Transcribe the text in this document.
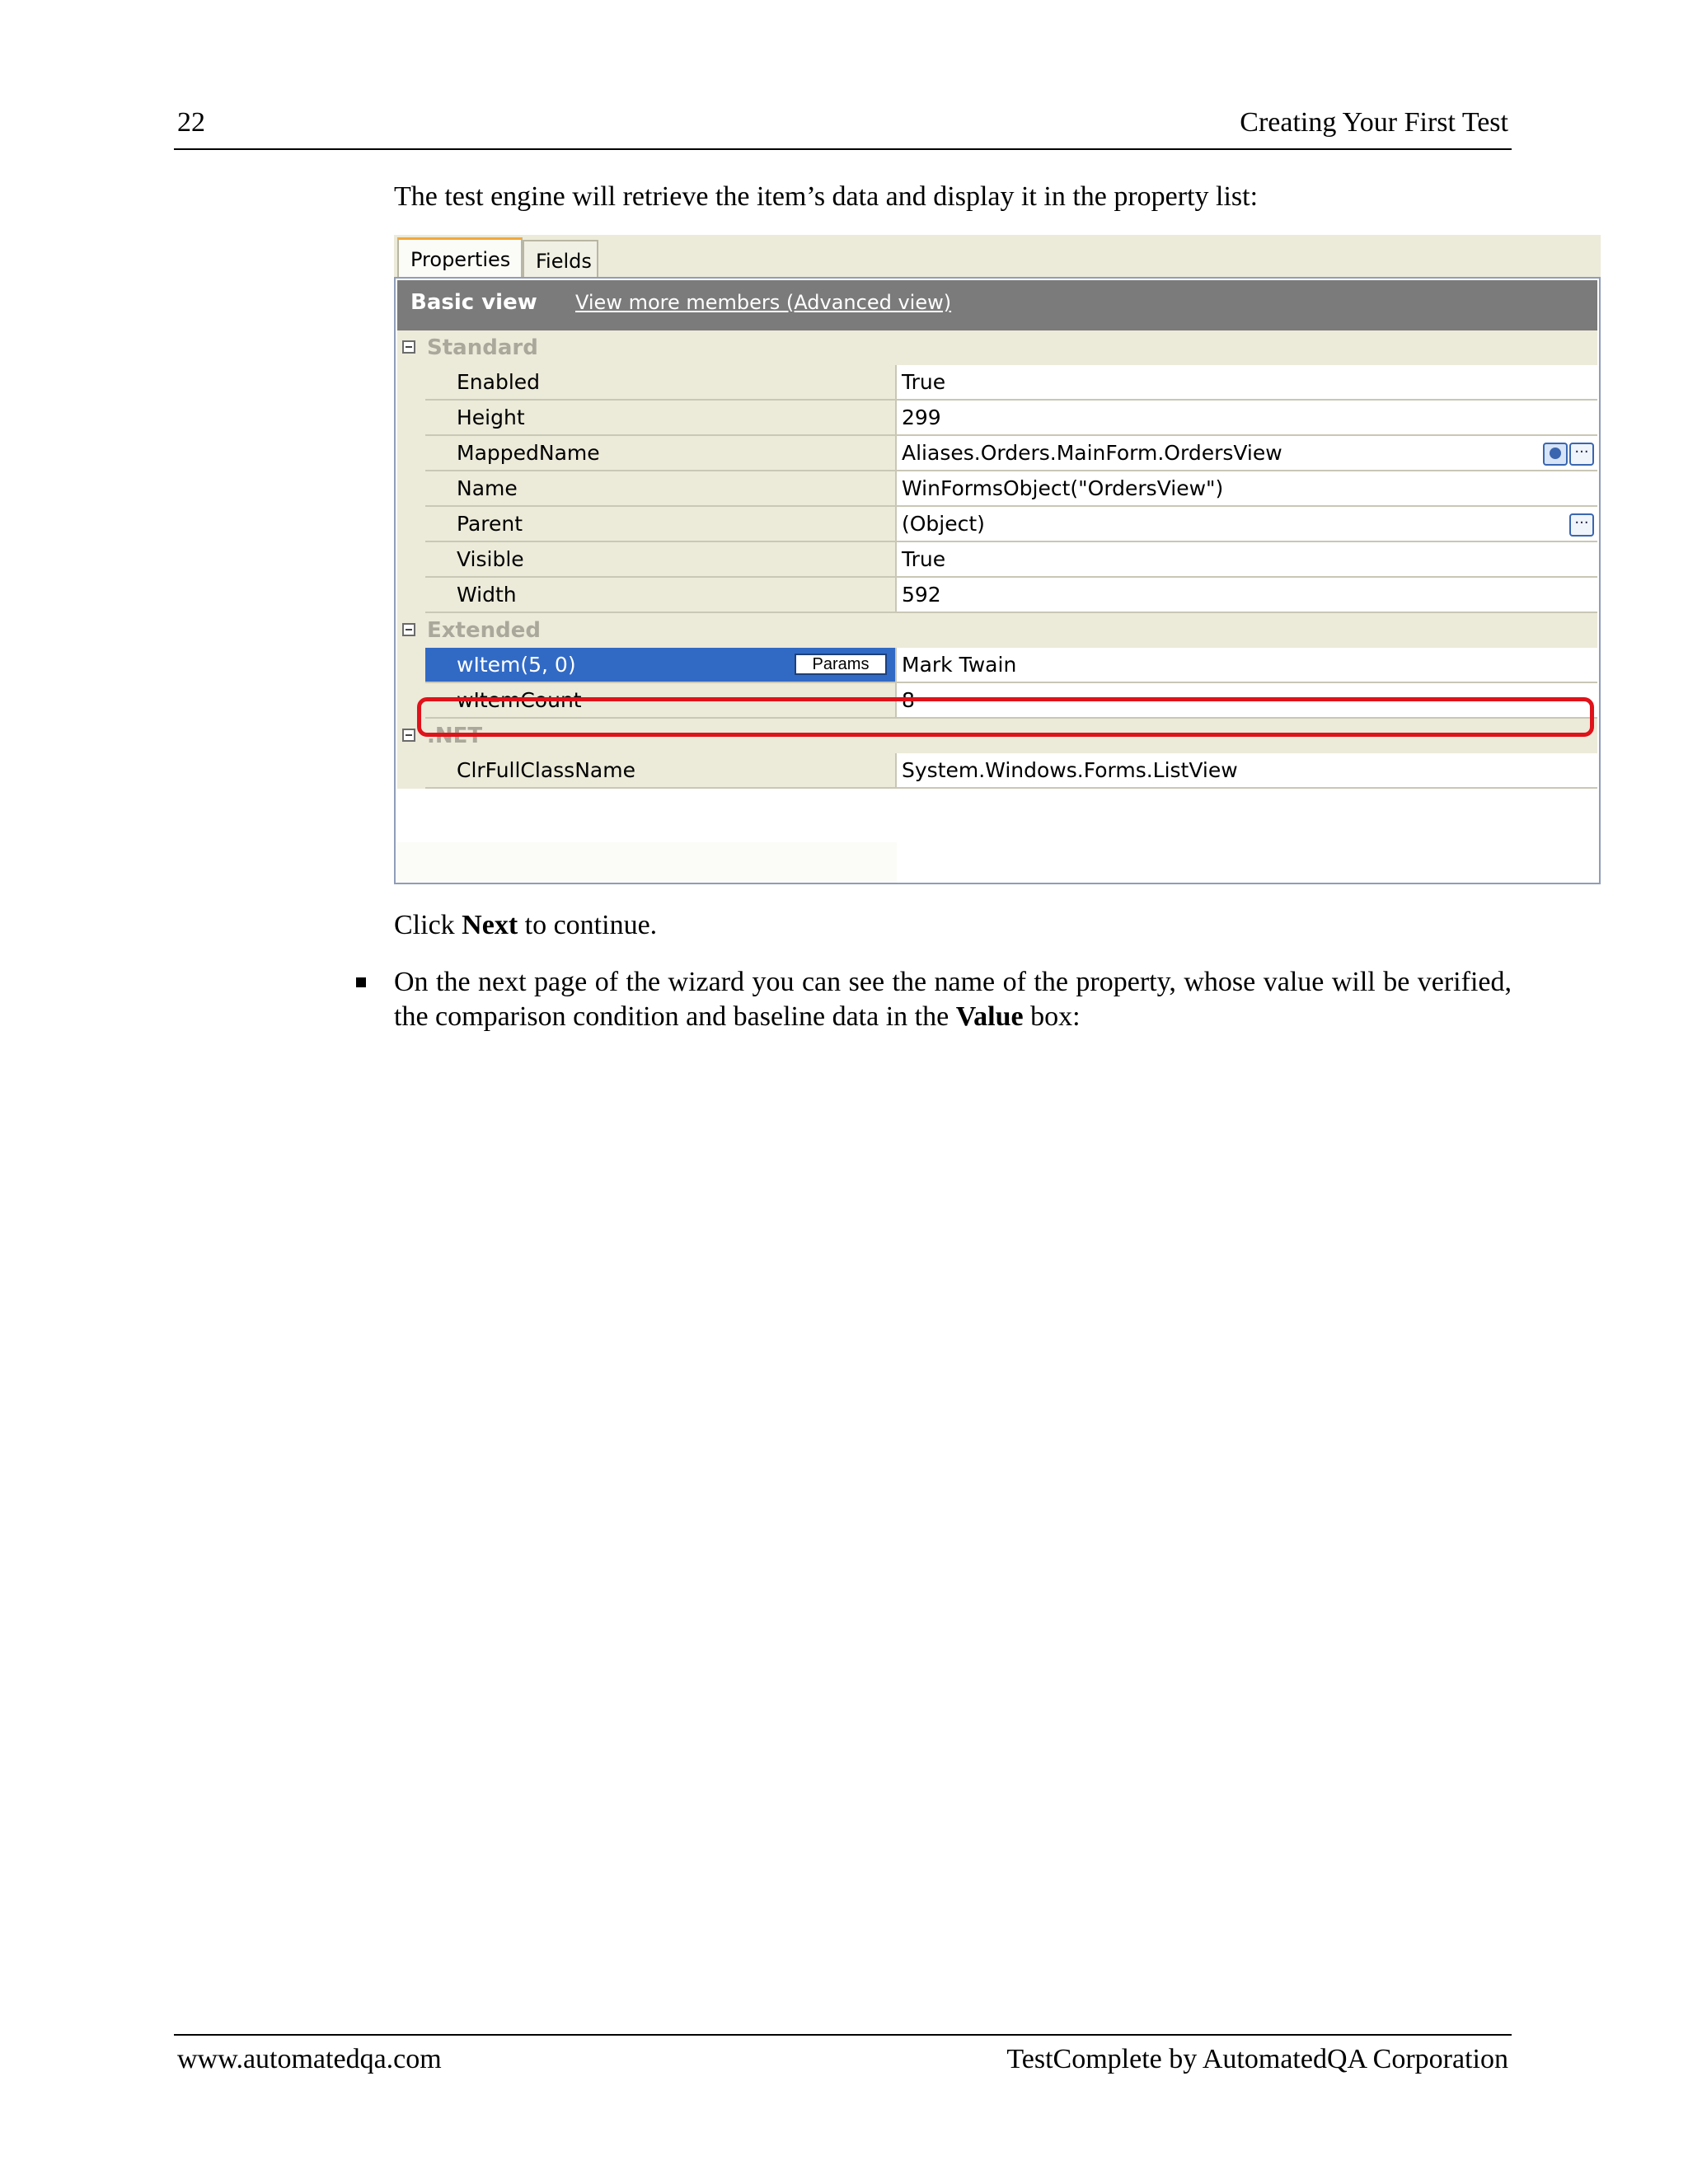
22	Creating Your First Test
The test engine will retrieve the item’s data and display it in the property list:
Properties	Fields
Basic view View more members (Advanced view)
Standard
Enabled	True
Height	299
MappedName	Aliases.Orders.MainForm.OrdersView	···
Name	WinFormsObject("OrdersView")
Parent	(Object)	···
Visible	True
Width	592
Extended
wItem(5, 0)	Params	Mark Twain
wItemCount	8
.NET
ClrFullClassName	System.Windows.Forms.ListView
Click Next to continue.
On the next page of the wizard you can see the name of the property, whose value will be verified, the comparison condition and baseline data in the Value box:
www.automatedqa.com	TestComplete by AutomatedQA Corporation
